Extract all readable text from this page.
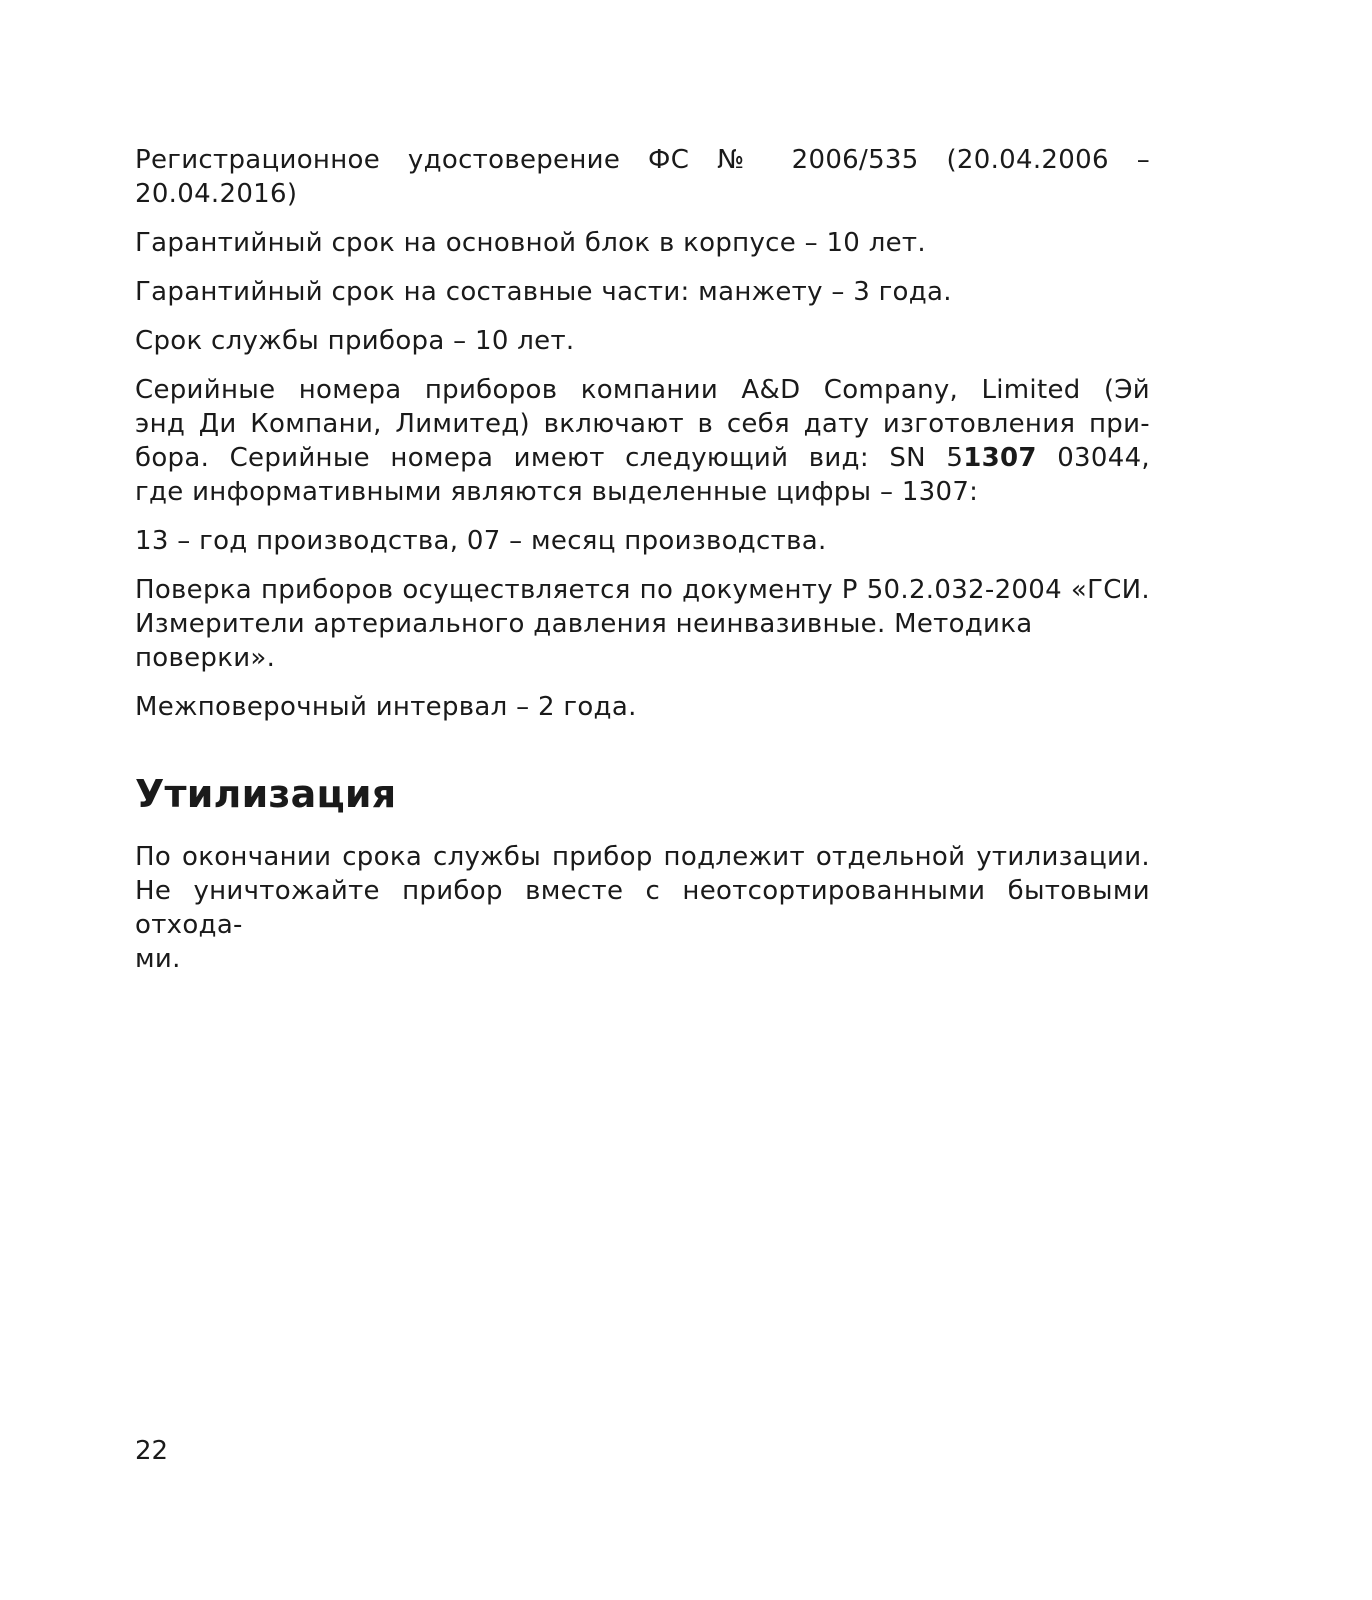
Регистрационное удостоверение ФС № 2006/535 (20.04.2006 –
20.04.2016)

Гарантийный срок на основной блок в корпусе – 10 лет.

Гарантийный срок на составные части: манжету – 3 года.

Срок службы прибора – 10 лет.

Серийные номера приборов компании A&D Company, Limited (Эй
энд Ди Компани, Лимитед) включают в себя дату изготовления при-
бора. Серийные номера имеют следующий вид: SN 51307 03044,
где информативными являются выделенные цифры – 1307:

13 – год производства, 07 – месяц производства.

Поверка приборов осуществляется по документу Р 50.2.032-2004 «ГСИ.
Измерители артериального давления неинвазивные. Методика поверки».

Межповерочный интервал – 2 года.

Утилизация

По окончании срока службы прибор подлежит отдельной утилизации.
Не уничтожайте прибор вместе с неотсортированными бытовыми отхода-
ми.

22
